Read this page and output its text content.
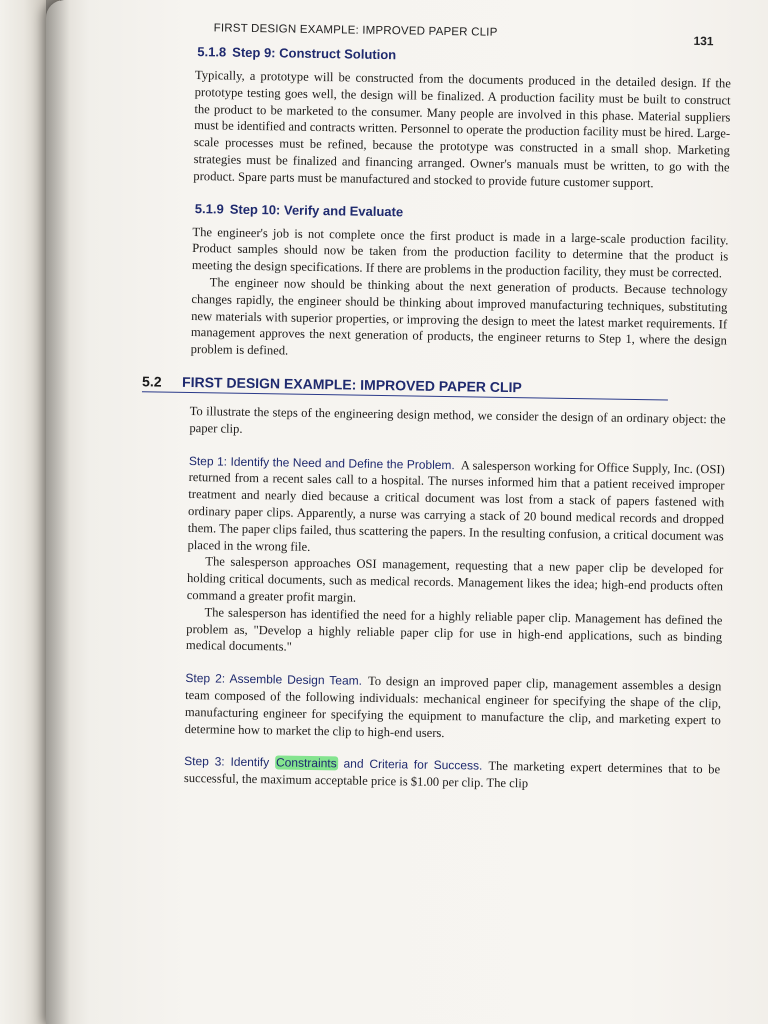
FIRST DESIGN EXAMPLE: IMPROVED PAPER CLIP
131
5.1.8 Step 9: Construct Solution

Typically, a prototype will be constructed from the documents produced in the detailed design. If the prototype testing goes well, the design will be finalized. A production facility must be built to construct the product to be marketed to the consumer. Many people are involved in this phase. Material suppliers must be identified and contracts written. Personnel to operate the production facility must be hired. Large-scale processes must be refined, because the prototype was constructed in a small shop. Marketing strategies must be finalized and financing arranged. Owner's manuals must be written, to go with the product. Spare parts must be manufactured and stocked to provide future customer support.

5.1.9 Step 10: Verify and Evaluate

The engineer's job is not complete once the first product is made in a large-scale production facility. Product samples should now be taken from the production facility to determine that the product is meeting the design specifications. If there are problems in the production facility, they must be corrected.

The engineer now should be thinking about the next generation of products. Because technology changes rapidly, the engineer should be thinking about improved manufacturing techniques, substituting new materials with superior properties, or improving the design to meet the latest market requirements. If management approves the next generation of products, the engineer returns to Step 1, where the design problem is defined.

5.2 FIRST DESIGN EXAMPLE: IMPROVED PAPER CLIP

To illustrate the steps of the engineering design method, we consider the design of an ordinary object: the paper clip.

Step 1: Identify the Need and Define the Problem. A salesperson working for Office Supply, Inc. (OSI) returned from a recent sales call to a hospital. The nurses informed him that a patient received improper treatment and nearly died because a critical document was lost from a stack of papers fastened with ordinary paper clips. Apparently, a nurse was carrying a stack of 20 bound medical records and dropped them. The paper clips failed, thus scattering the papers. In the resulting confusion, a critical document was placed in the wrong file.

The salesperson approaches OSI management, requesting that a new paper clip be developed for holding critical documents, such as medical records. Management likes the idea; high-end products often command a greater profit margin.

The salesperson has identified the need for a highly reliable paper clip. Management has defined the problem as, "Develop a highly reliable paper clip for use in high-end applications, such as binding medical documents."

Step 2: Assemble Design Team. To design an improved paper clip, management assembles a design team composed of the following individuals: mechanical engineer for specifying the shape of the clip, manufacturing engineer for specifying the equipment to manufacture the clip, and marketing expert to determine how to market the clip to high-end users.

Step 3: Identify Constraints and Criteria for Success. The marketing expert determines that to be successful, the maximum acceptable price is $1.00 per clip. The clip
